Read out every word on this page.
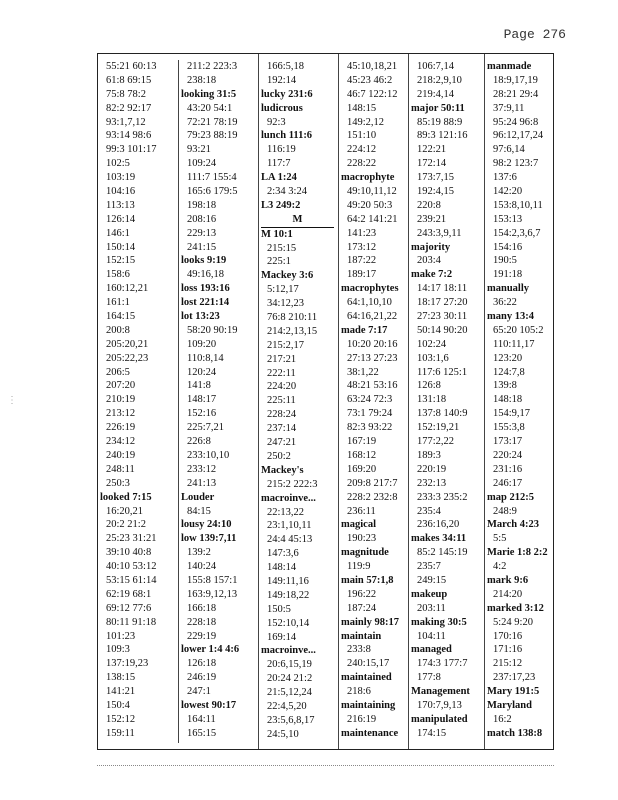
Page 276
⋮
55:21 60:13
61:8 69:15
75:8 78:2
82:2 92:17
93:1,7,12
93:14 98:6
99:3 101:17
102:5
103:19
104:16
113:13
126:14
146:1
150:14
152:15
158:6
160:12,21
161:1
164:15
200:8
205:20,21
205:22,23
206:5
207:20
210:19
213:12
226:19
234:12
240:19
248:11
250:3
looked 7:15
16:20,21
20:2 21:2
25:23 31:21
39:10 40:8
40:10 53:12
53:15 61:14
62:19 68:1
69:12 77:6
80:11 91:18
101:23
109:3
137:19,23
138:15
141:21
150:4
152:12
159:11
211:2 223:3
238:18
looking 31:5
43:20 54:1
72:21 78:19
79:23 88:19
93:21
109:24
111:7 155:4
165:6 179:5
198:18
208:16
229:13
241:15
looks 9:19
49:16,18
loss 193:16
lost 221:14
lot 13:23
58:20 90:19
109:20
110:8,14
120:24
141:8
148:17
152:16
225:7,21
226:8
233:10,10
233:12
241:13
Louder
84:15
lousy 24:10
low 139:7,11
139:2
140:24
155:8 157:1
163:9,12,13
166:18
228:18
229:19
lower 1:4 4:6
126:18
246:19
247:1
lowest 90:17
164:11
165:15
166:5,18
192:14
lucky 231:6
ludicrous
92:3
lunch 111:6
116:19
117:7
LA 1:24
2:34 3:24
L3 249:2
M
M 10:1
215:15
225:1
Mackey 3:6
5:12,17
34:12,23
76:8 210:11
214:2,13,15
215:2,17
217:21
222:11
224:20
225:11
228:24
237:14
247:21
250:2
Mackey's
215:2 222:3
macroinve...
22:13,22
23:1,10,11
24:4 45:13
147:3,6
148:14
149:11,16
149:18,22
150:5
152:10,14
169:14
macroinve...
20:6,15,19
20:24 21:2
21:5,12,24
22:4,5,20
23:5,6,8,17
24:5,10
45:10,18,21
45:23 46:2
46:7 122:12
148:15
149:2,12
151:10
224:12
228:22
macrophyte
49:10,11,12
49:20 50:3
64:2 141:21
141:23
173:12
187:22
189:17
macrophytes
64:1,10,10
64:16,21,22
made 7:17
10:20 20:16
27:13 27:23
38:1,22
48:21 53:16
63:24 72:3
73:1 79:24
82:3 93:22
167:19
168:12
169:20
209:8 217:7
228:2 232:8
236:11
magical
190:23
magnitude
119:9
main 57:1,8
196:22
187:24
mainly 98:17
maintain
233:8
240:15,17
maintained
218:6
maintaining
216:19
maintenance
106:7,14
218:2,9,10
219:4,14
major 50:11
85:19 88:9
89:3 121:16
122:21
172:14
173:7,15
192:4,15
220:8
239:21
243:3,9,11
majority
203:4
make 7:2
14:17 18:11
18:17 27:20
27:23 30:11
50:14 90:20
102:24
103:1,6
117:6 125:1
126:8
131:18
137:8 140:9
152:19,21
177:2,22
189:3
220:19
232:13
233:3 235:2
235:4
236:16,20
makes 34:11
85:2 145:19
235:7
249:15
makeup
203:11
making 30:5
104:11
managed
174:3 177:7
177:8
Management
170:7,9,13
manipulated
174:15
manmade
18:9,17,19
28:21 29:4
37:9,11
95:24 96:8
96:12,17,24
97:6,14
98:2 123:7
137:6
142:20
153:8,10,11
153:13
154:2,3,6,7
154:16
190:5
191:18
manually
36:22
many 13:4
65:20 105:2
110:11,17
123:20
124:7,8
139:8
148:18
154:9,17
155:3,8
173:17
220:24
231:16
246:17
map 212:5
248:9
March 4:23
5:5
Marie 1:8 2:2
4:2
mark 9:6
214:20
marked 3:12
5:24 9:20
170:16
171:16
215:12
237:17,23
Mary 191:5
Maryland
16:2
match 138:8
